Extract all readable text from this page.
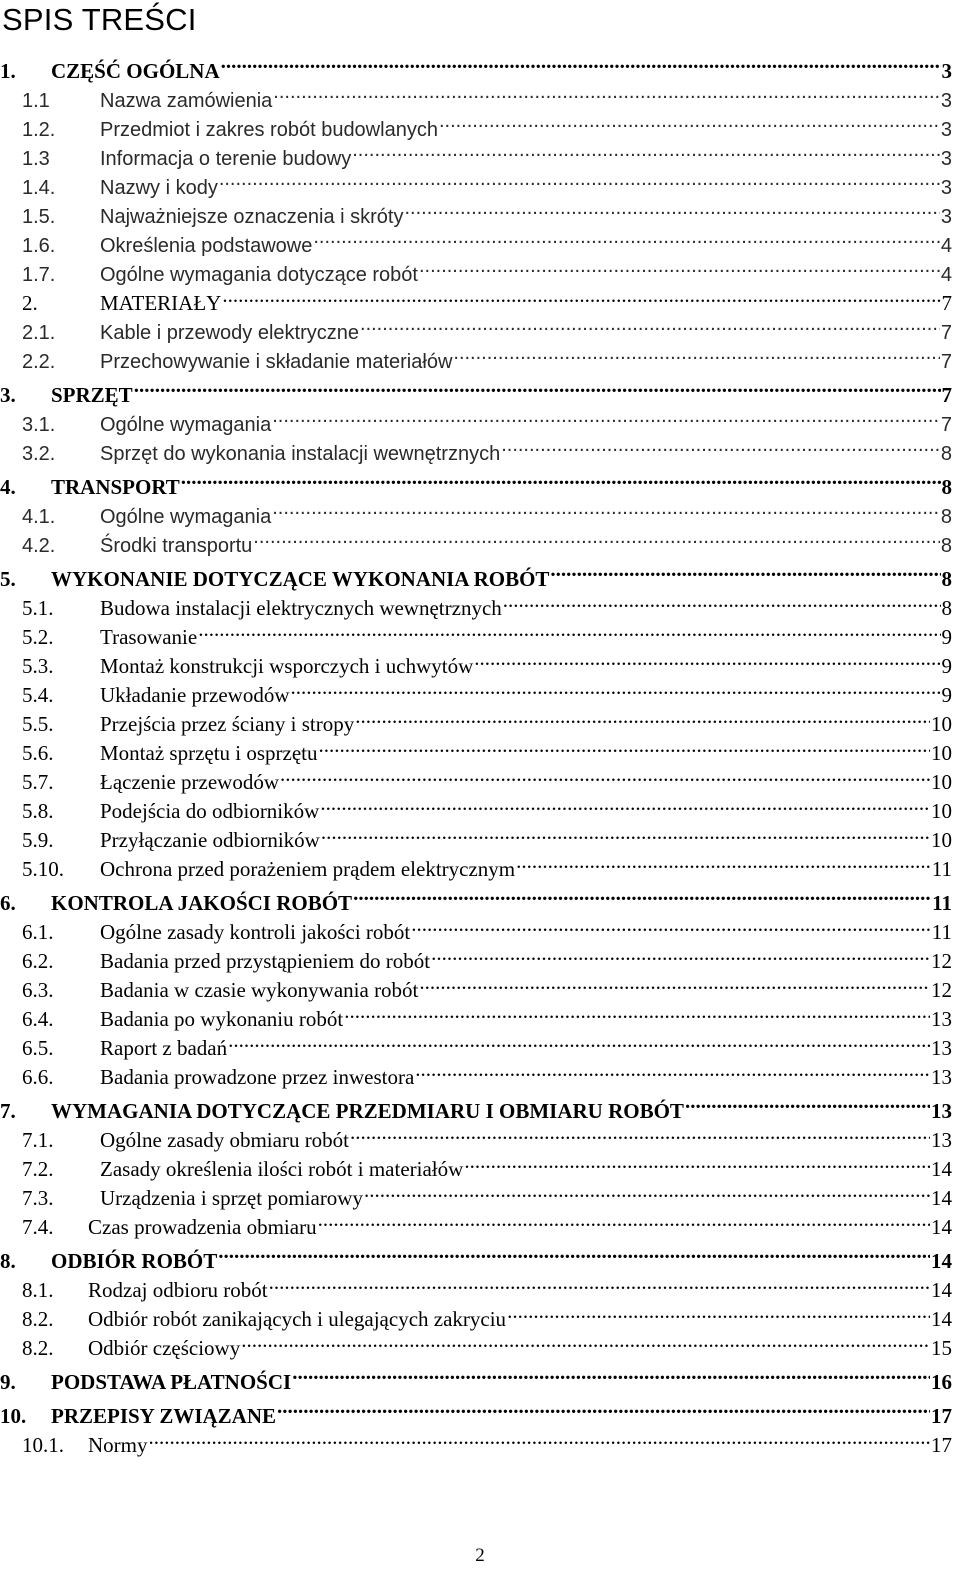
SPIS TREŚCI
1.	CZĘŚĆ OGÓLNA .....	3
1.1	Nazwa zamówienia .....	3
1.2.	Przedmiot i zakres robót budowlanych .....	3
1.3	Informacja o terenie budowy .....	3
1.4.	Nazwy i kody .....	3
1.5.	Najważniejsze oznaczenia i skróty .....	3
1.6.	Określenia podstawowe .....	4
1.7.	Ogólne wymagania dotyczące robót .....	4
2.	MATERIAŁY .....	7
2.1.	Kable i przewody elektryczne .....	7
2.2.	Przechowywanie i składanie materiałów .....	7
3.	SPRZĘT .....	7
3.1.	Ogólne wymagania .....	7
3.2.	Sprzęt do wykonania instalacji wewnętrznych .....	8
4.	TRANSPORT .....	8
4.1.	Ogólne wymagania .....	8
4.2.	Środki transportu .....	8
5.	WYKONANIE DOTYCZĄCE WYKONANIA ROBÓT .....	8
5.1.	Budowa instalacji elektrycznych wewnętrznych .....	8
5.2.	Trasowanie .....	9
5.3.	Montaż konstrukcji wsporczych i uchwytów .....	9
5.4.	Układanie przewodów .....	9
5.5.	Przejścia przez ściany i stropy .....	10
5.6.	Montaż sprzętu i osprzętu .....	10
5.7.	Łączenie przewodów .....	10
5.8.	Podejścia do odbiorników .....	10
5.9.	Przyłączanie odbiorników .....	10
5.10.	Ochrona przed porażeniem prądem elektrycznym .....	11
6.	KONTROLA JAKOŚCI ROBÓT .....	11
6.1.	Ogólne zasady kontroli jakości robót .....	11
6.2.	Badania przed przystąpieniem do robót .....	12
6.3.	Badania w czasie wykonywania robót .....	12
6.4.	Badania po wykonaniu robót .....	13
6.5.	Raport z badań .....	13
6.6.	Badania prowadzone przez inwestora .....	13
7.	WYMAGANIA DOTYCZĄCE PRZEDMIARU I OBMIARU ROBÓT .....	13
7.1.	Ogólne zasady obmiaru robót .....	13
7.2.	Zasady określenia ilości robót i materiałów .....	14
7.3.	Urządzenia i sprzęt pomiarowy .....	14
7.4.	Czas prowadzenia obmiaru .....	14
8.	ODBIÓR ROBÓT .....	14
8.1.	Rodzaj odbioru robót .....	14
8.2.	Odbiór robót zanikających i ulegających zakryciu .....	14
8.2.	Odbiór częściowy .....	15
9.	PODSTAWA PŁATNOŚCI .....	16
10.	PRZEPISY ZWIĄZANE .....	17
10.1.	Normy .....	17
2
